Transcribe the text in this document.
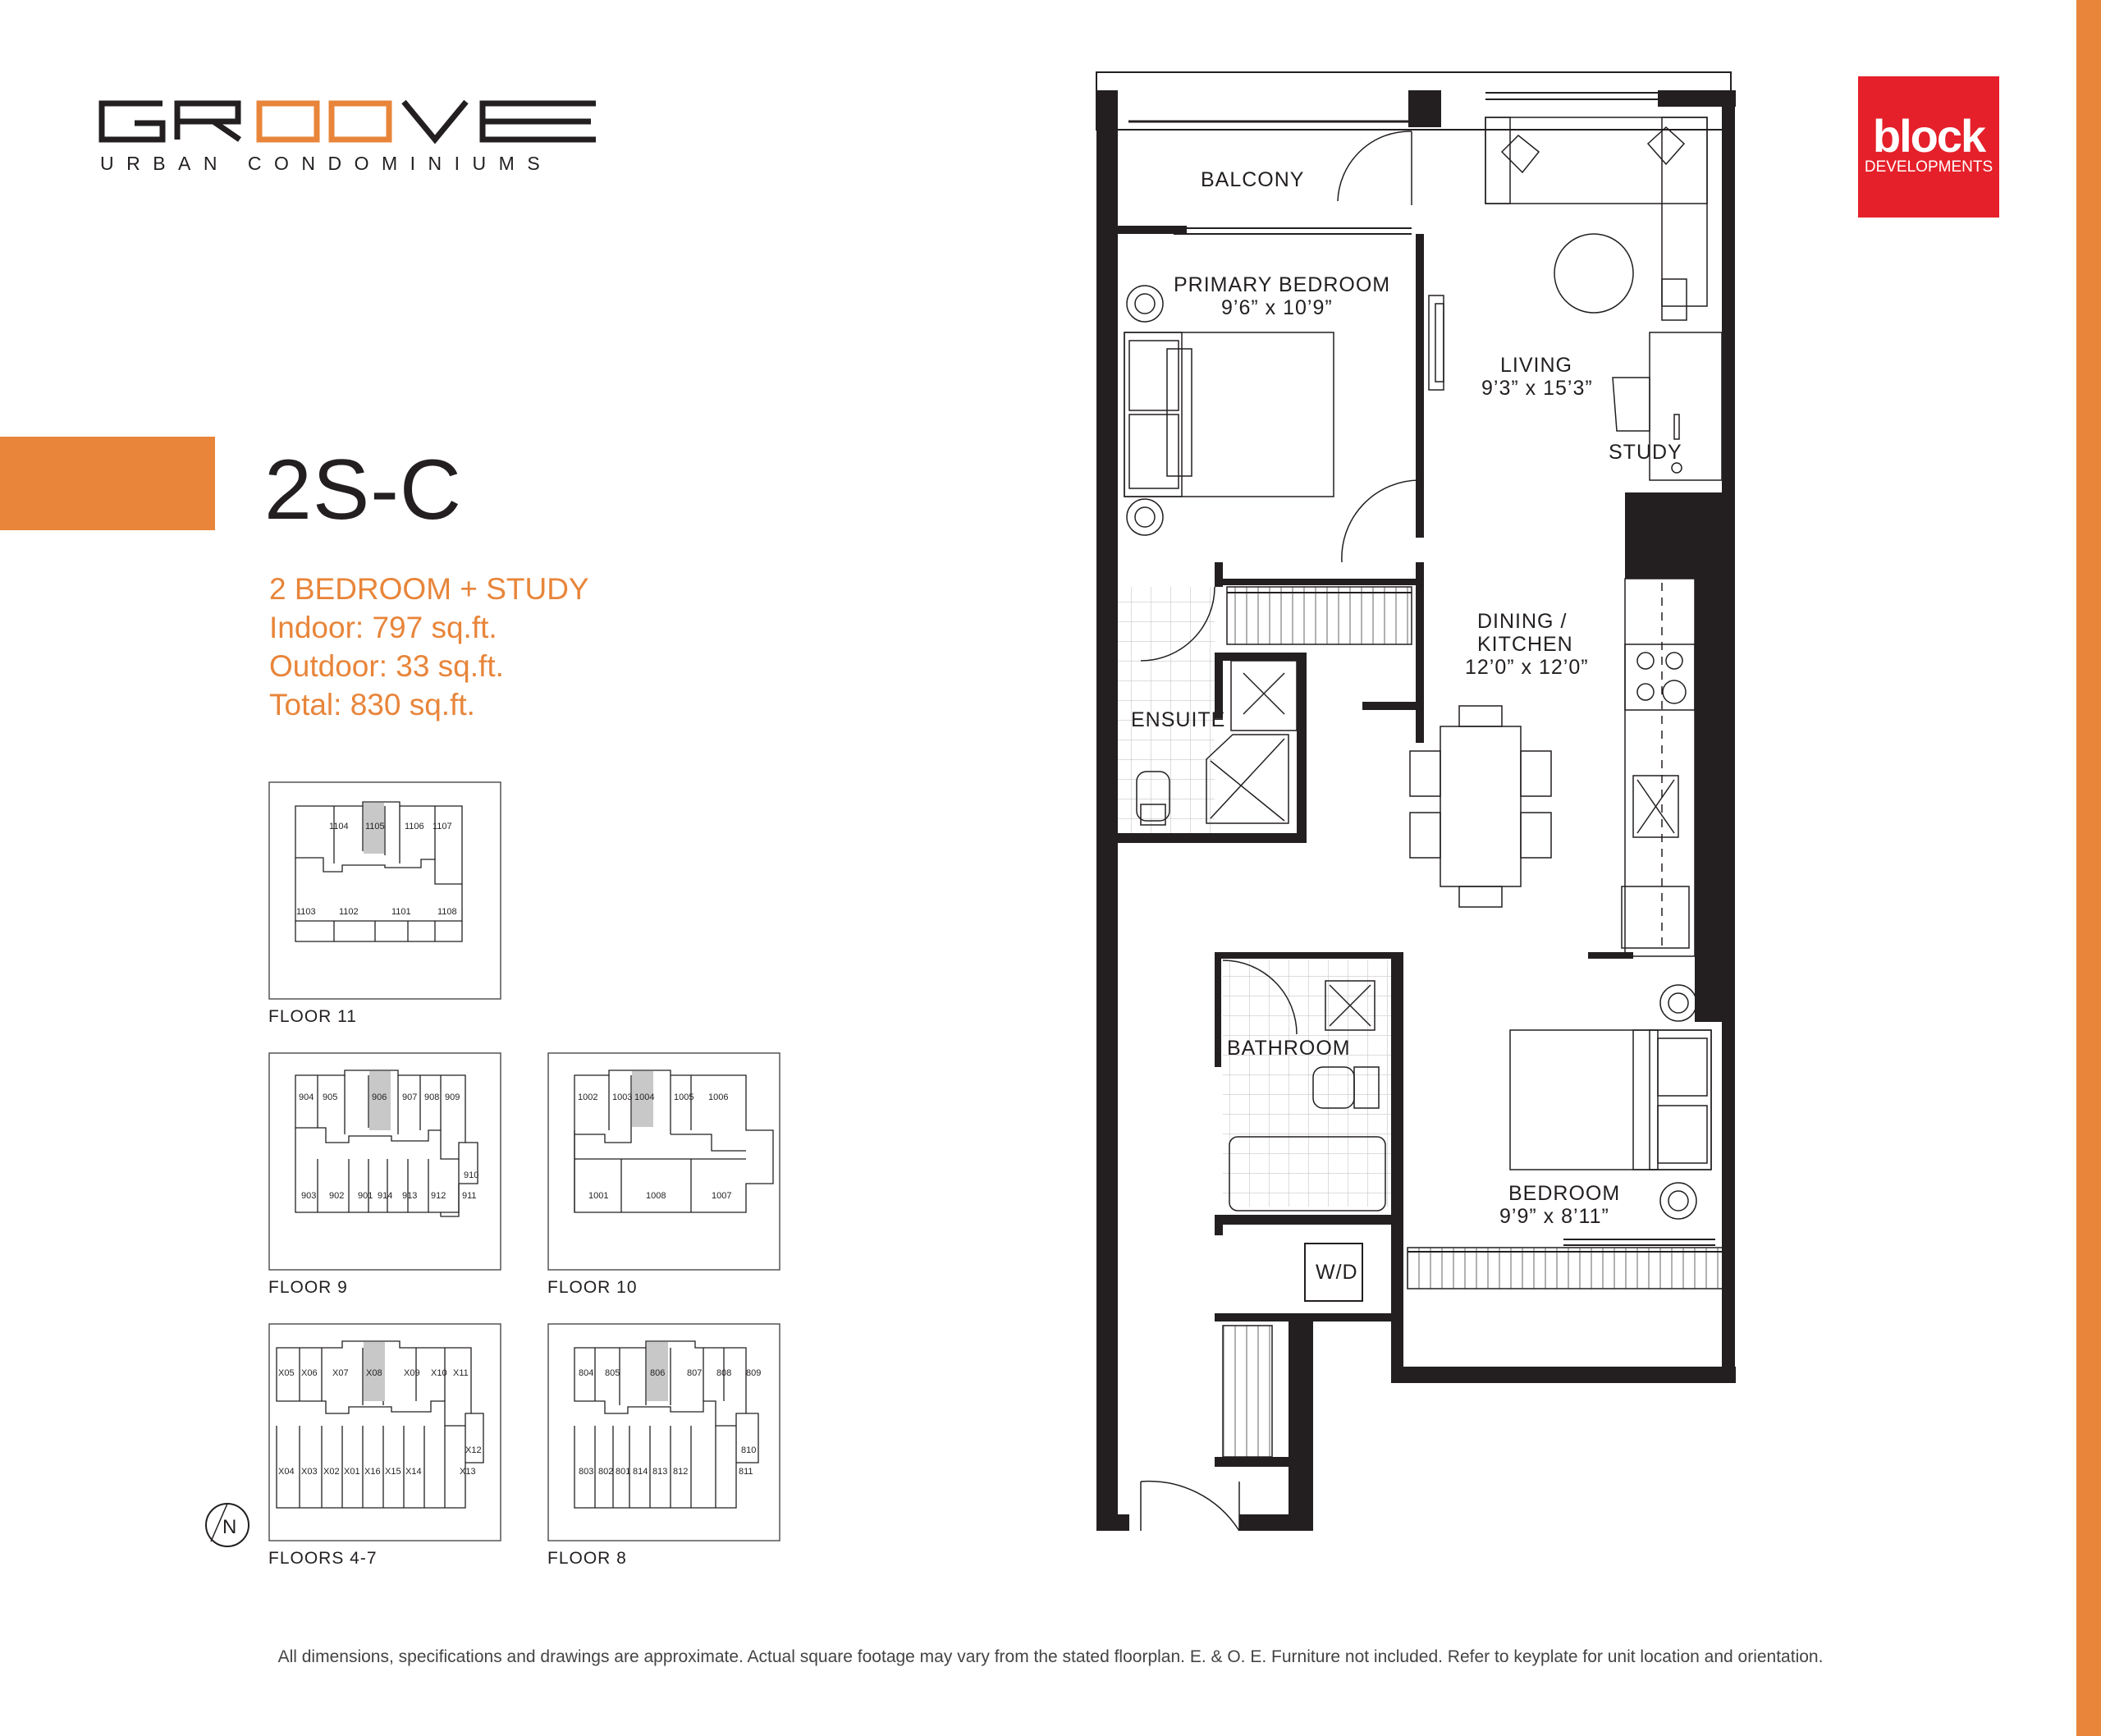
GROOVE
URBAN CONDOMINIUMS
block
DEVELOPMENTS
2S-C
2 BEDROOM + STUDY
Indoor: 797 sq.ft.
Outdoor: 33 sq.ft.
Total: 830 sq.ft.
1104 1105 1106 1107
1103	1102	1101	1108
FLOOR 11
904 905	906 907 908 909
903 902 901 914 913 912 911
910
FLOOR 9
1002 1003 1004 1005 1006
1001	1008	1007
FLOOR 10
X05 X06 X07 X08 X09 X10 X11
X04 X03 X02 X01 X16 X15 X14	X13
X12
FLOORS 4-7
804 805	806 807 808 809
803 802 801 814 813 812	811
810
FLOOR 8
N
BALCONY
PRIMARY BEDROOM
9’6” x 10’9”
LIVING
9’3” x 15’3”
STUDY
DINING /
KITCHEN
12’0” x 12’0”
ENSUITE
BATHROOM
BEDROOM
9’9” x 8’11”
W/D
All dimensions, specifications and drawings are approximate. Actual square footage may vary from the stated floorplan. E. & O. E. Furniture not included. Refer to keyplate for unit location and orientation.
